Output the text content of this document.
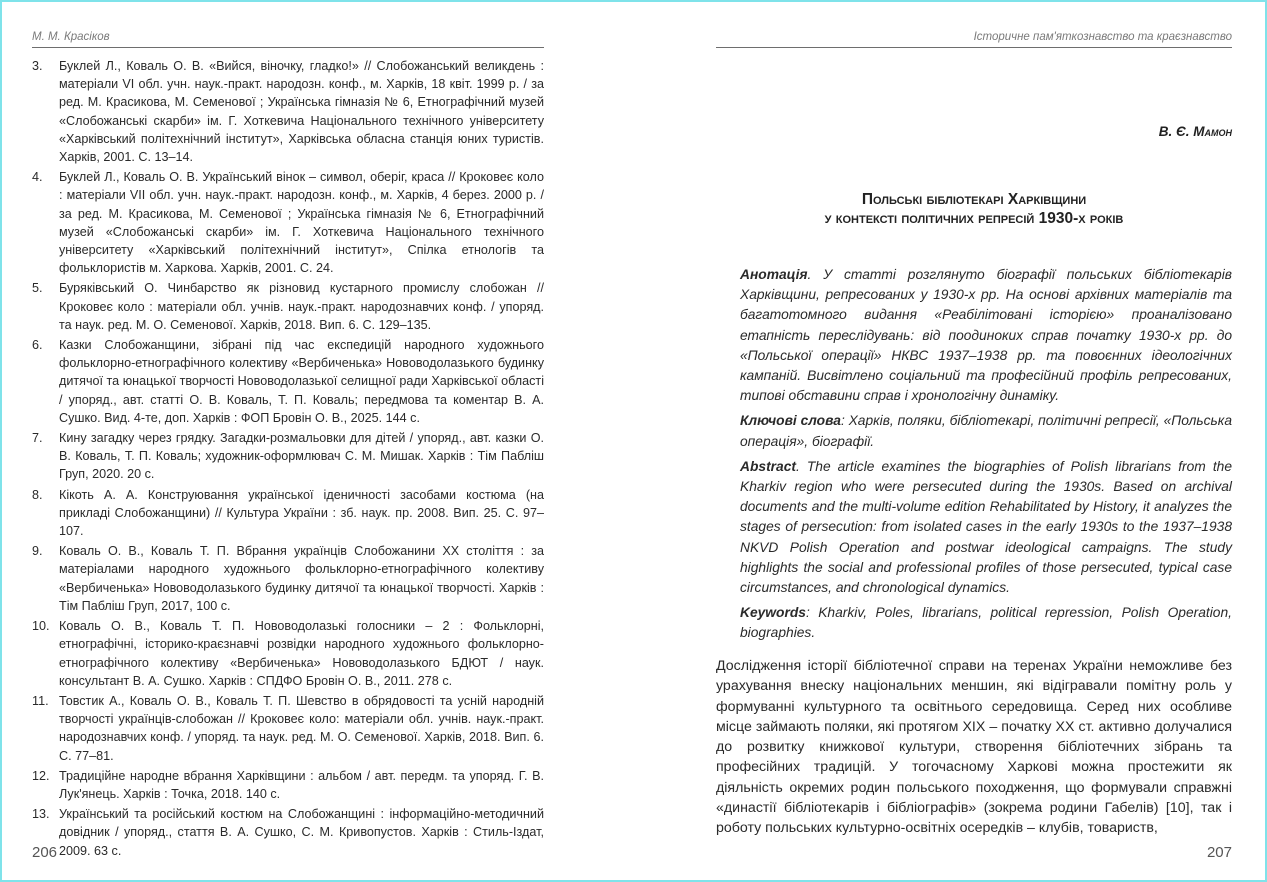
М. М. Красіков
3. Буклей Л., Коваль О. В. «Вийся, віночку, гладко!» // Слобожанський великдень : матеріали VI обл. учн. наук.-практ. народозн. конф., м. Харків, 18 квіт. 1999 р. / за ред. М. Красикова, М. Семенової ; Українська гімназія № 6, Етнографічний музей «Слобожанські скарби» ім. Г. Хоткевича Національного технічного університету «Харківський політехнічний інститут», Харківська обласна станція юних туристів. Харків, 2001. С. 13–14.
4. Буклей Л., Коваль О. В. Український вінок – символ, оберіг, краса // Кроковеє коло : матеріали VII обл. учн. наук.-практ. народозн. конф., м. Харків, 4 берез. 2000 р. / за ред. М. Красикова, М. Семенової ; Українська гімназія № 6, Етнографічний музей «Слобожанські скарби» ім. Г. Хоткевича Національного технічного університету «Харківський політехнічний інститут», Спілка етнологів та фольклористів м. Харкова. Харків, 2001. С. 24.
5. Буряківський О. Чинбарство як різновид кустарного промислу слобожан // Кроковеє коло : матеріали обл. учнів. наук.-практ. народознавчих конф. / упоряд. та наук. ред. М. О. Семенової. Харків, 2018. Вип. 6. С. 129–135.
6. Казки Слобожанщини, зібрані під час експедицій народного художнього фольклорно-етнографічного колективу «Вербиченька» Нововодолазького будинку дитячої та юнацької творчості Нововодолазької селищної ради Харківської області / упоряд., авт. статті О. В. Коваль, Т. П. Коваль; передмова та коментар В. А. Сушко. Вид. 4-те, доп. Харків : ФОП Бровін О. В., 2025. 144 с.
7. Кину загадку через грядку. Загадки-розмальовки для дітей / упоряд., авт. казки О. В. Коваль, Т. П. Коваль; художник-оформлювач С. М. Мишак. Харків : Тім Пабліш Груп, 2020. 20 с.
8. Кікоть А. А. Конструювання української іденичності засобами костюма (на прикладі Слобожанщини) // Культура України : зб. наук. пр. 2008. Вип. 25. С. 97–107.
9. Коваль О. В., Коваль Т. П. Вбрання українців Слобожанини ХХ століття : за матеріалами народного художнього фольклорно-етнографічного колективу «Вербиченька» Нововодолазького будинку дитячої та юнацької творчості. Харків : Тім Пабліш Груп, 2017, 100 с.
10. Коваль О. В., Коваль Т. П. Нововодолазькі голосники – 2 : Фольклорні, етнографічні, історико-краєзнавчі розвідки народного художнього фольклорно-етнографічного колективу «Вербиченька» Нововодолазького БДЮТ / наук. консультант В. А. Сушко. Харків : СПДФО Бровін О. В., 2011. 278 с.
11. Товстик А., Коваль О. В., Коваль Т. П. Шевство в обрядовості та усній народній творчості українців-слобожан // Кроковеє коло: матеріали обл. учнів. наук.-практ. народознавчих конф. / упоряд. та наук. ред. М. О. Семенової. Харків, 2018. Вип. 6. С. 77–81.
12. Традиційне народне вбрання Харківщини : альбом / авт. передм. та упоряд. Г. В. Лук'янець. Харків : Точка, 2018. 140 с.
13. Український та російський костюм на Слобожанщині : інформаційно-методичний довідник / упоряд., стаття В. А. Сушко, С. М. Кривопустов. Харків : Стиль-Іздат, 2009. 63 с.
206
Історичне пам'яткознавство та краєзнавство
В. Є. Мамон
Польські бібліотекарі Харківщини
у контексті політичних репресій 1930-х років

Анотація. У статті розглянуто біографії польських бібліотекарів Харківщини, репресованих у 1930-х рр. На основі архівних матеріалів та багатотомного видання «Реабілітовані історією» проаналізовано етапність переслідувань: від поодиноких справ початку 1930-х рр. до «Польської операції» НКВС 1937–1938 рр. та повоєнних ідеологічних кампаній. Висвітлено соціальний та професійний профіль репресованих, типові обставини справ і хронологічну динаміку.

Ключові слова: Харків, поляки, бібліотекарі, політичні репресії, «Польська операція», біографії.

Abstract. The article examines the biographies of Polish librarians from the Kharkiv region who were persecuted during the 1930s. Based on archival documents and the multi-volume edition Rehabilitated by History, it analyzes the stages of persecution: from isolated cases in the early 1930s to the 1937–1938 NKVD Polish Operation and postwar ideological campaigns. The study highlights the social and professional profiles of those persecuted, typical case circumstances, and chronological dynamics.

Keywords: Kharkiv, Poles, librarians, political repression, Polish Operation, biographies.

Дослідження історії бібліотечної справи на теренах України неможливе без урахування внеску національних меншин, які відігравали помітну роль у формуванні культурного та освітнього середовища. Серед них особливе місце займають поляки, які протягом ХІХ – початку ХХ ст. активно долучалися до розвитку книжкової культури, створення бібліотечних зібрань та професійних традицій. У тогочасному Харкові можна простежити як діяльність окремих родин польського походження, що формували справжні «династії бібліотекарів і бібліографів» (зокрема родини Габелів) [10], так і роботу польських культурно-освітніх осередків – клубів, товариств,

207
